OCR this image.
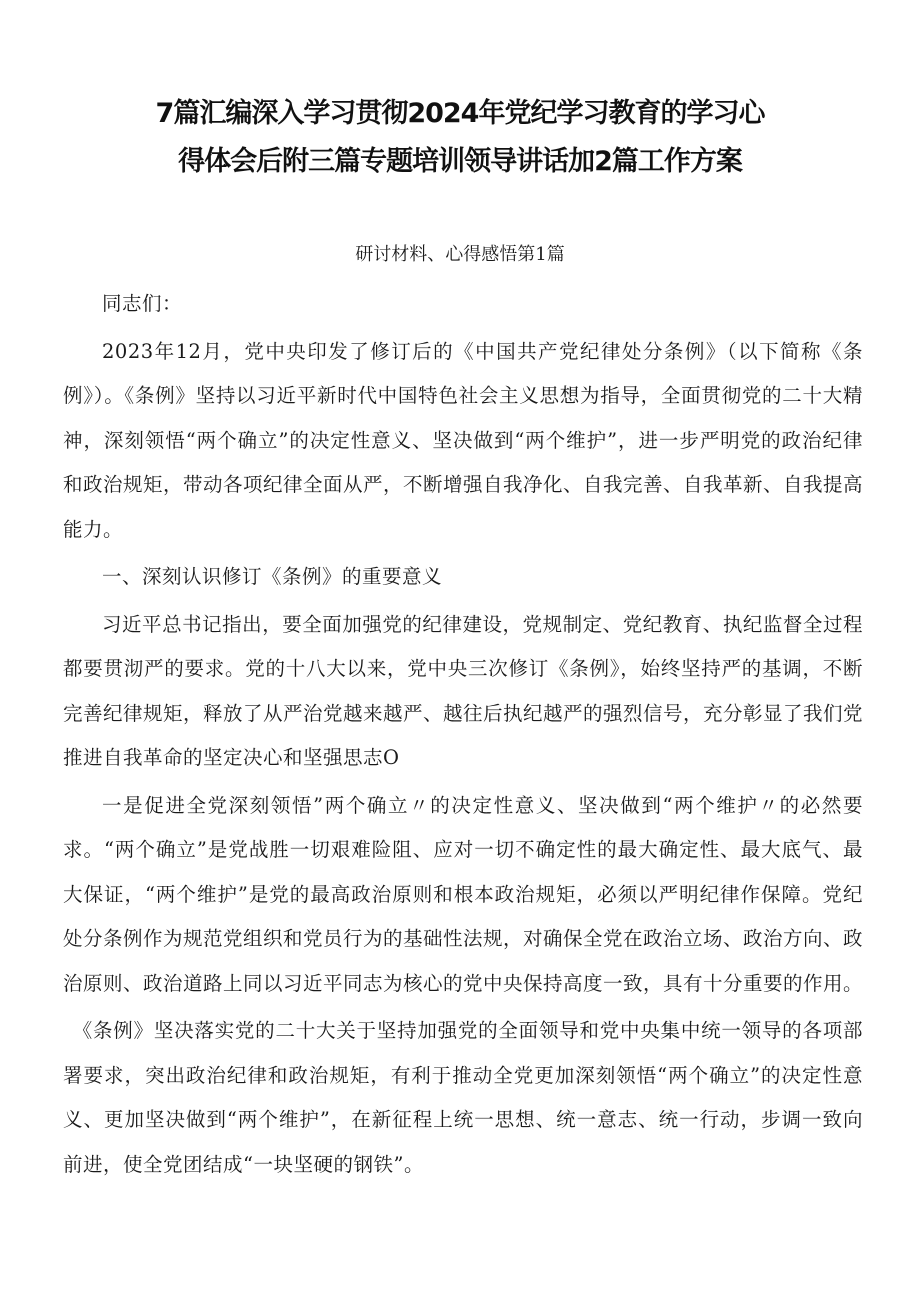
7篇汇编深入学习贯彻2024年党纪学习教育的学习心
得体会后附三篇专题培训领导讲话加2篇工作方案
研讨材料、心得感悟第1篇

同志们：

2023年12月，党中央印发了修订后的《中国共产党纪律处分条例》（以下简称《条例》）。《条例》坚持以习近平新时代中国特色社会主义思想为指导，全面贯彻党的二十大精神，深刻领悟“两个确立”的决定性意义、坚决做到“两个维护”，进一步严明党的政治纪律和政治规矩，带动各项纪律全面从严，不断增强自我净化、自我完善、自我革新、自我提高能力。

一、深刻认识修订《条例》的重要意义

习近平总书记指出，要全面加强党的纪律建设，党规制定、党纪教育、执纪监督全过程都要贯沏严的要求。党的十八大以来，党中央三次修订《条例》，始终坚持严的基调，不断完善纪律规矩，释放了从严治党越来越严、越往后执纪越严的强烈信号，充分彰显了我们党推进自我革命的坚定决心和坚强思志O

一是促进全党深刻领悟”两个确立〃的决定性意义、坚决做到“两个维护〃的必然要求。“两个确立”是党战胜一切艰难险阻、应对一切不确定性的最大确定性、最大底气、最大保证，“两个维护”是党的最高政治原则和根本政治规矩，必须以严明纪律作保障。党纪处分条例作为规范党组织和党员行为的基础性法规，对确保全党在政治立场、政治方向、政治原则、政治道路上同以习近平同志为核心的党中央保持高度一致，具有十分重要的作用。

《条例》坚决落实党的二十大关于坚持加强党的全面领导和党中央集中统一领导的各项部署要求，突出政治纪律和政治规矩，有利于推动全党更加深刻领悟“两个确立”的决定性意义、更加坚决做到“两个维护”，在新征程上统一思想、统一意志、统一行动，步调一致向前进，使全党团结成“一块坚硬的钢铁”。
